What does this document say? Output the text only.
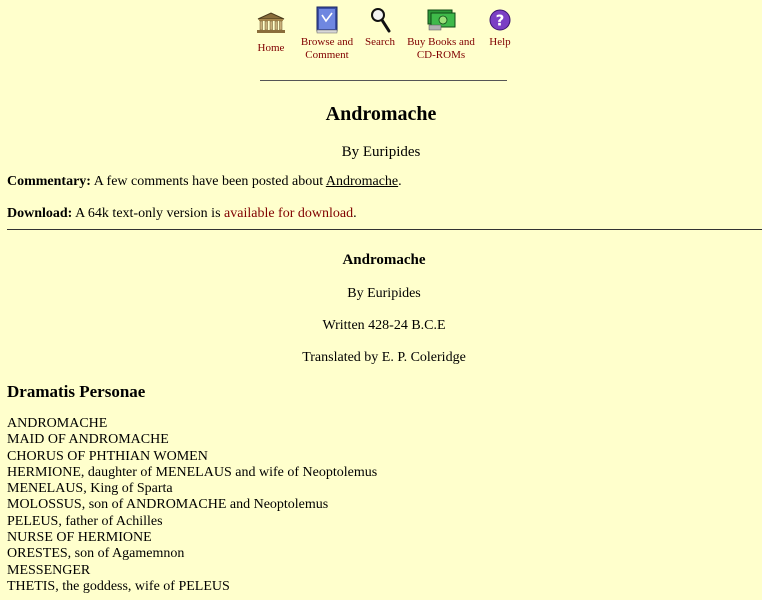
Home	Browse and
Comment
Search Buy Books and
CD-ROMs
?
Help
Andromache
By Euripides
Commentary: A few comments have been posted about Andromache.
Download: A 64k text-only version is available for download.
Andromache
By Euripides
Written 428-24 B.C.E
Translated by E. P. Coleridge
Dramatis Personae
ANDROMACHE
MAID OF ANDROMACHE
CHORUS OF PHTHIAN WOMEN
HERMIONE, daughter of MENELAUS and wife of Neoptolemus
MENELAUS, King of Sparta
MOLOSSUS, son of ANDROMACHE and Neoptolemus
PELEUS, father of Achilles
NURSE OF HERMIONE
ORESTES, son of Agamemnon
MESSENGER
THETIS, the goddess, wife of PELEUS
